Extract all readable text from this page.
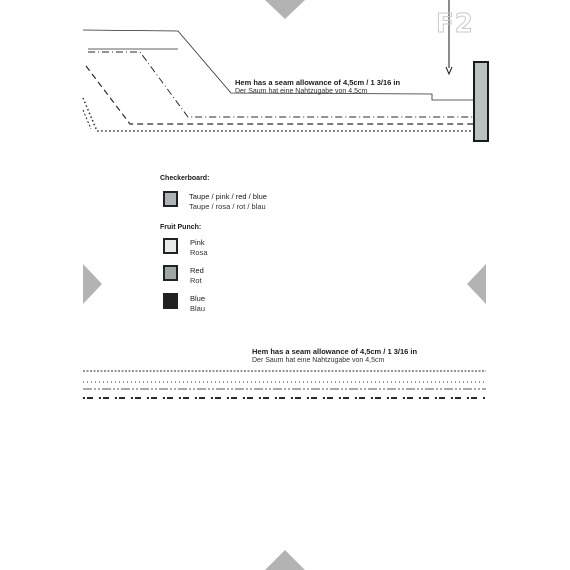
F2
Hem has a seam allowance of 4,5cm / 1 3/16 in
Der Saum hat eine Nahtzugabe von 4,5cm
Checkerboard:
Taupe / pink / red / blue
Taupe / rosa / rot / blau
Fruit Punch:
Pink
Rosa
Red
Rot
Blue
Blau
Hem has a seam allowance of 4,5cm / 1 3/16 in
Der Saum hat eine Nahtzugabe von 4,5cm
